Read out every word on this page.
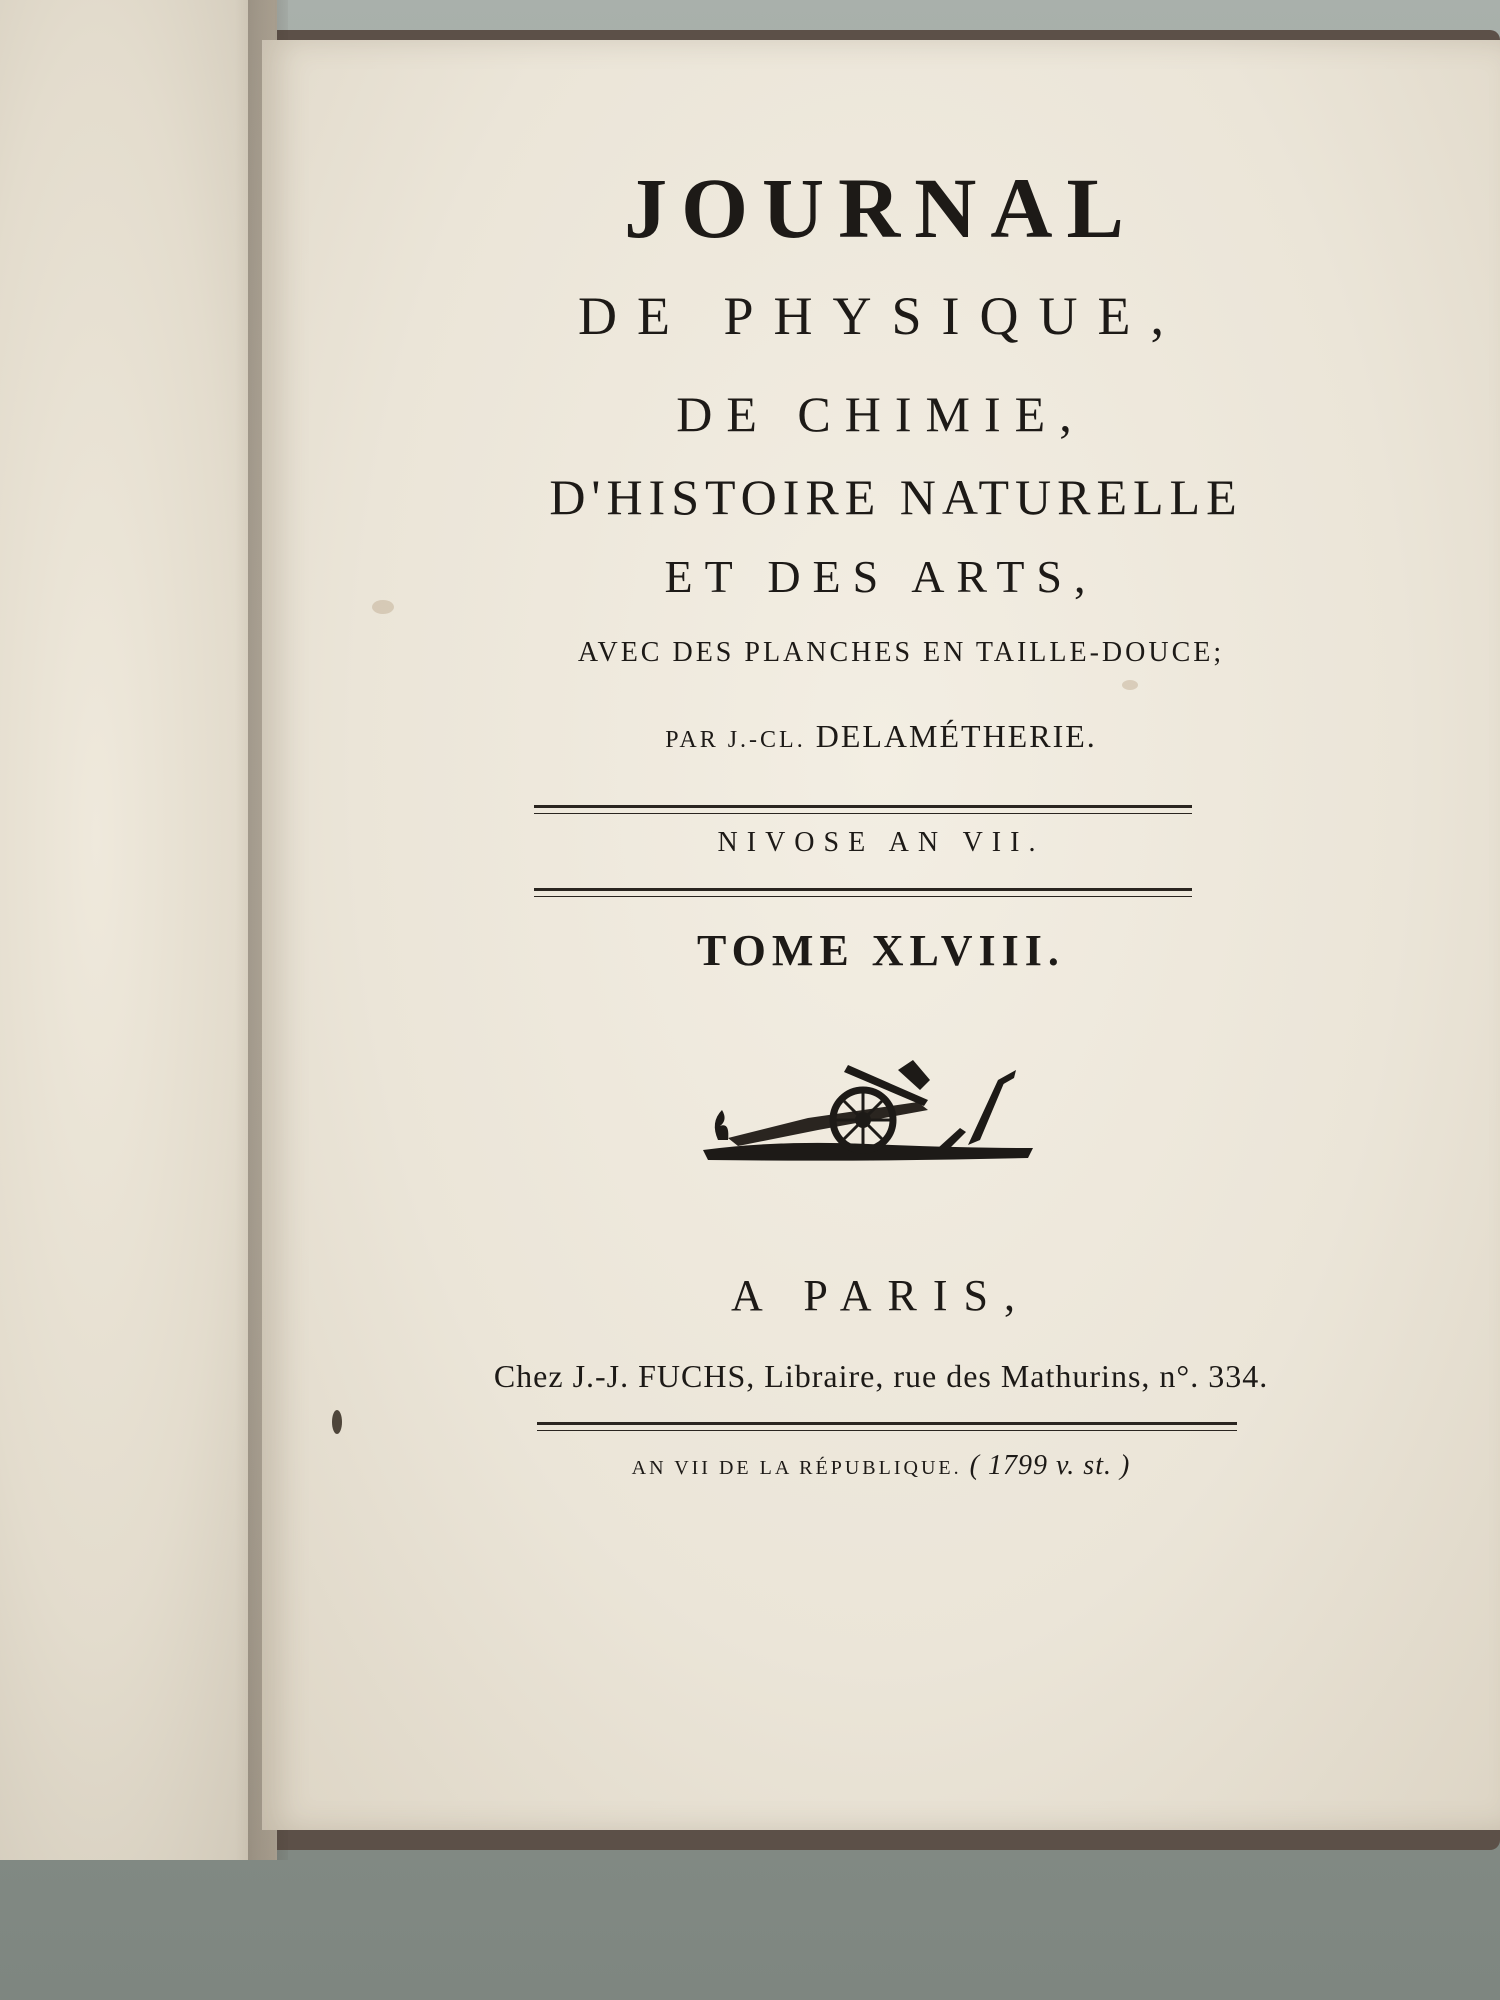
JOURNAL

DE PHYSIQUE,

DE CHIMIE,

D'HISTOIRE NATURELLE

ET DES ARTS,

AVEC DES PLANCHES EN TAILLE-DOUCE;

PAR J.-CL. DELAMÉTHERIE.

NIVOSE AN VII.

TOME XLVIII.

A PARIS,

Chez J.-J. FUCHS, Libraire, rue des Mathurins, n°. 334.

AN VII DE LA RÉPUBLIQUE. ( 1799 v. st. )
